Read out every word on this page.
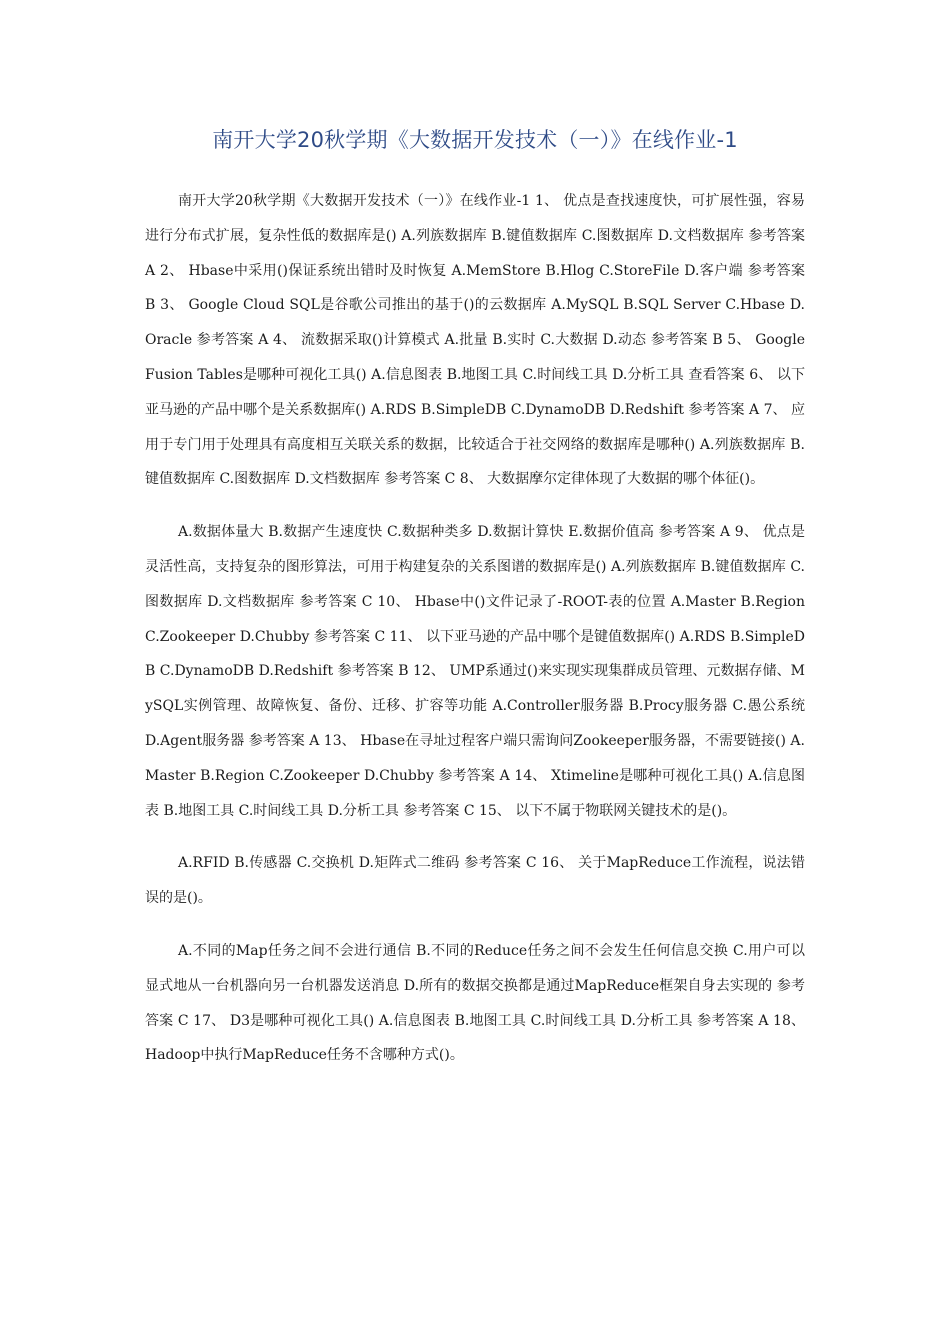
南开大学20秋学期《大数据开发技术（一）》在线作业-1

南开大学20秋学期《大数据开发技术（一）》在线作业-1 1、 优点是查找速度快，可扩展性强，容易进行分布式扩展，复杂性低的数据库是() A.列族数据库 B.键值数据库 C.图数据库 D.文档数据库 参考答案 A 2、 Hbase中采用()保证系统出错时及时恢复 A.MemStore B.Hlog C.StoreFile D.客户端 参考答案 B 3、 Google Cloud SQL是谷歌公司推出的基于()的云数据库 A.MySQL B.SQL Server C.Hbase D.Oracle 参考答案 A 4、 流数据采取()计算模式 A.批量 B.实时 C.大数据 D.动态 参考答案 B 5、 Google Fusion Tables是哪种可视化工具() A.信息图表 B.地图工具 C.时间线工具 D.分析工具 查看答案 6、 以下亚马逊的产品中哪个是关系数据库() A.RDS B.SimpleDB C.DynamoDB D.Redshift 参考答案 A 7、 应用于专门用于处理具有高度相互关联关系的数据，比较适合于社交网络的数据库是哪种() A.列族数据库 B.键值数据库 C.图数据库 D.文档数据库 参考答案 C 8、 大数据摩尔定律体现了大数据的哪个体征()。

A.数据体量大 B.数据产生速度快 C.数据种类多 D.数据计算快 E.数据价值高 参考答案 A 9、 优点是灵活性高，支持复杂的图形算法，可用于构建复杂的关系图谱的数据库是() A.列族数据库 B.键值数据库 C.图数据库 D.文档数据库 参考答案 C 10、 Hbase中()文件记录了-ROOT-表的位置 A.Master B.Region C.Zookeeper D.Chubby 参考答案 C 11、 以下亚马逊的产品中哪个是键值数据库() A.RDS B.SimpleDB C.DynamoDB D.Redshift 参考答案 B 12、 UMP系通过()来实现实现集群成员管理、元数据存储、MySQL实例管理、故障恢复、备份、迁移、扩容等功能 A.Controller服务器 B.Procy服务器 C.愚公系统 D.Agent服务器 参考答案 A 13、 Hbase在寻址过程客户端只需询问Zookeeper服务器，不需要链接() A.Master B.Region C.Zookeeper D.Chubby 参考答案 A 14、 Xtimeline是哪种可视化工具() A.信息图表 B.地图工具 C.时间线工具 D.分析工具 参考答案 C 15、 以下不属于物联网关键技术的是()。

A.RFID B.传感器 C.交换机 D.矩阵式二维码 参考答案 C 16、 关于MapReduce工作流程，说法错误的是()。

A.不同的Map任务之间不会进行通信 B.不同的Reduce任务之间不会发生任何信息交换 C.用户可以显式地从一台机器向另一台机器发送消息 D.所有的数据交换都是通过MapReduce框架自身去实现的 参考答案 C 17、 D3是哪种可视化工具() A.信息图表 B.地图工具 C.时间线工具 D.分析工具 参考答案 A 18、 Hadoop中执行MapReduce任务不含哪种方式()。
